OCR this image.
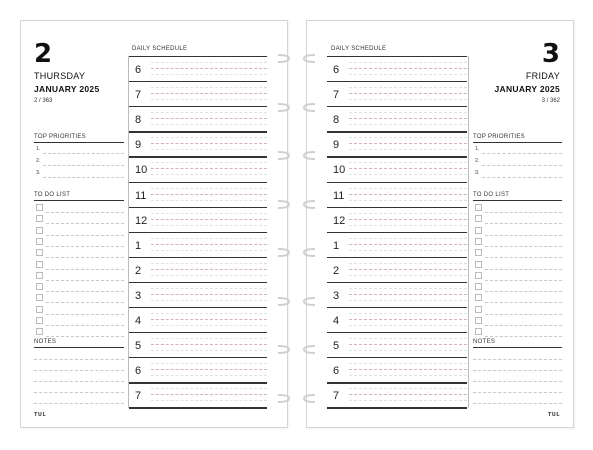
2
THURSDAY
JANUARY 2025
2 / 363
TOP PRIORITIES
1.
2.
3.
TO DO LIST
NOTES
DAILY SCHEDULE
6
7
8
9
10
11
12
1
2
3
4
5
6
7
TUL
DAILY SCHEDULE
6
7
8
9
10
11
12
1
2
3
4
5
6
7
3
FRIDAY
JANUARY 2025
3 / 362
TOP PRIORITIES
1.
2.
3.
TO DO LIST
NOTES
TUL
